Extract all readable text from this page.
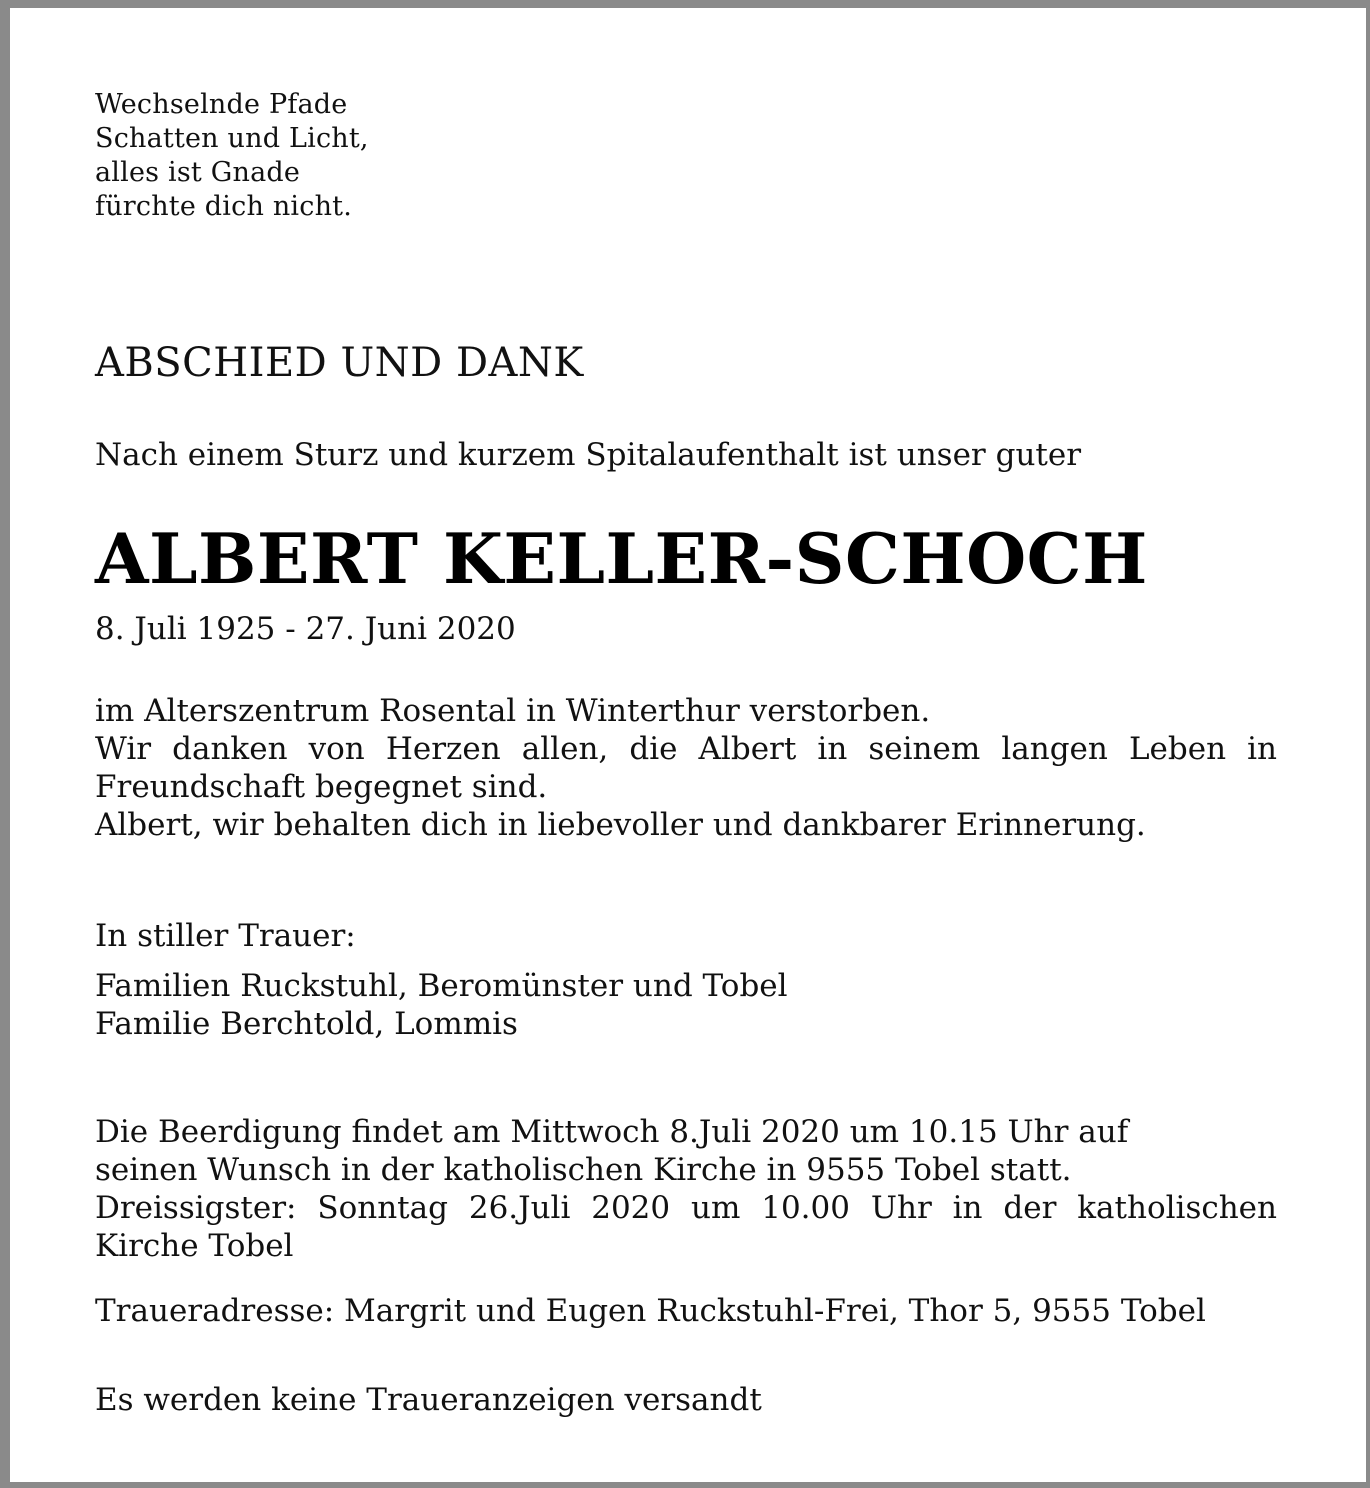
Wechselnde Pfade
Schatten und Licht,
alles ist Gnade
fürchte dich nicht.
ABSCHIED UND DANK
Nach einem Sturz und kurzem Spitalaufenthalt ist unser guter
ALBERT KELLER-SCHOCH
8. Juli 1925 - 27. Juni 2020
im Alterszentrum Rosental in Winterthur verstorben.
Wir danken von Herzen allen, die Albert in seinem langen Leben in
Freundschaft begegnet sind.
Albert, wir behalten dich in liebevoller und dankbarer Erinnerung.
In stiller Trauer:
Familien Ruckstuhl, Beromünster und Tobel
Familie Berchtold, Lommis
Die Beerdigung findet am Mittwoch 8.Juli 2020 um 10.15 Uhr auf
seinen Wunsch in der katholischen Kirche in 9555 Tobel statt.
Dreissigster: Sonntag 26.Juli 2020 um 10.00 Uhr in der katholischen
Kirche Tobel
Traueradresse: Margrit und Eugen Ruckstuhl-Frei, Thor 5, 9555 Tobel
Es werden keine Traueranzeigen versandt
